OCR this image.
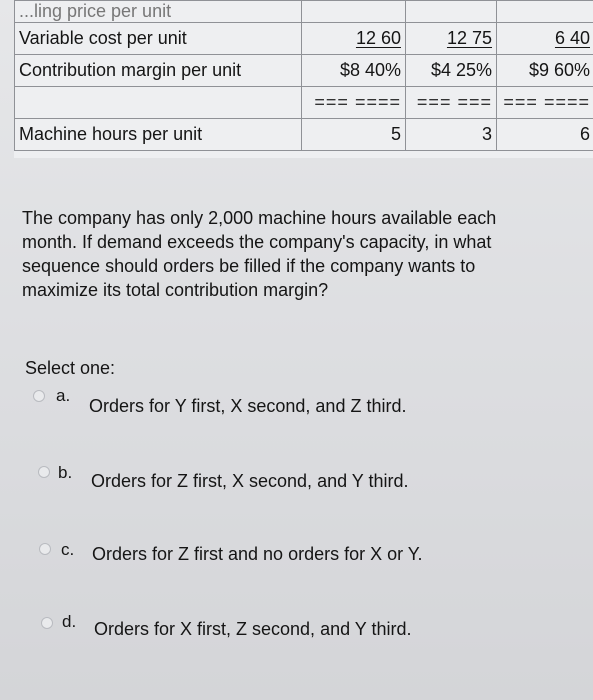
...ling price per unit			
Variable cost per unit	12 60	12 75	6 40
Contribution margin per unit	$8 40%	$4 25%	$9 60%
	=== ====	=== ===	=== ====
Machine hours per unit	5	3	6
The company has only 2,000 machine hours available each month. If demand exceeds the company's capacity, in what sequence should orders be filled if the company wants to maximize its total contribution margin?
Select one:
a.
Orders for Y first, X second, and Z third.
b. Orders for Z first, X second, and Y third.
c. Orders for Z first and no orders for X or Y.
d. Orders for X first, Z second, and Y third.
